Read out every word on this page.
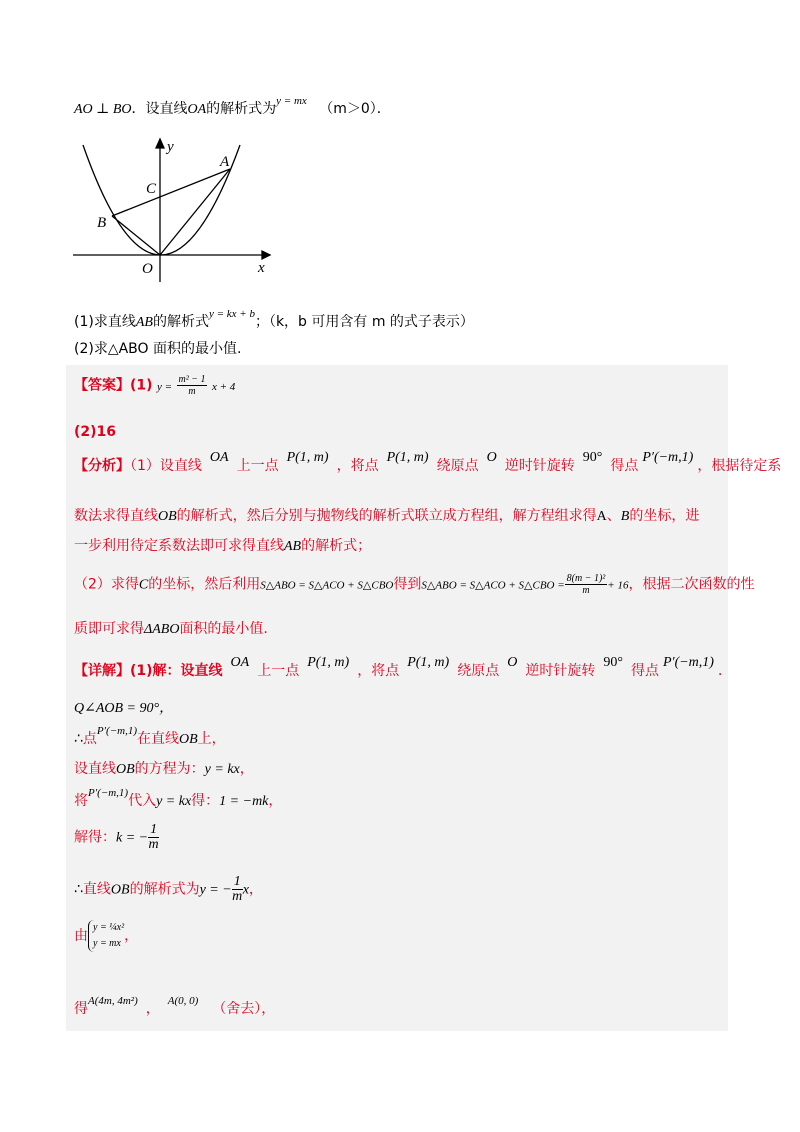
AO ⊥ BO．设直线OA的解析式为$^{y = mx}$ （m＞0）．
y
x
A
B
C
O
(1)求直线AB的解析式$^{y = kx + b}$；（k，b 可用含有 m 的式子表示）
(2)求△ABO 面积的最小值.
【答案】(1) $y = \frac{\text{m² − 1}}{m}$ x + 4
(2)16
【分析】（1）设直线OA上一点P(1, m)，将点P(1, m)绕原点O逆时针旋转90°得点P′(−m,1)，根据待定系
数法求得直线OB的解析式，然后分别与抛物线的解析式联立成方程组，解方程组求得A、B的坐标，进
一步利用待定系数法即可求得直线AB的解析式；
（2）求得C的坐标，然后利用S△ABO = S△ACO + S△CBO得到S△ABO = S△ACO + S△CBO = $\frac{\text{8(m − 1)²}}{m} + 16$，根据二次函数的性
质即可求得ΔABO面积的最小值.
【详解】(1)解：设直线OA上一点P(1, m)，将点P(1, m)绕原点O逆时针旋转90°得点P′(−m,1)．
Q∠AOB = 90°，
∴点$^{P'(-m,1)}$在直线OB上，
设直线OB的方程为：y = kx，
将$^{P'(-m,1)}$代入y = kx得：1 = −mk，
解得：k = − $\frac{1}{m}$
∴直线OB的解析式为y = − $\frac{1}{m}$ x，
由
y = ¼x²
y = mx ，
得$^{A(4m, 4m^2)}$ ， $^{A(0, 0)}$ （舍去），
